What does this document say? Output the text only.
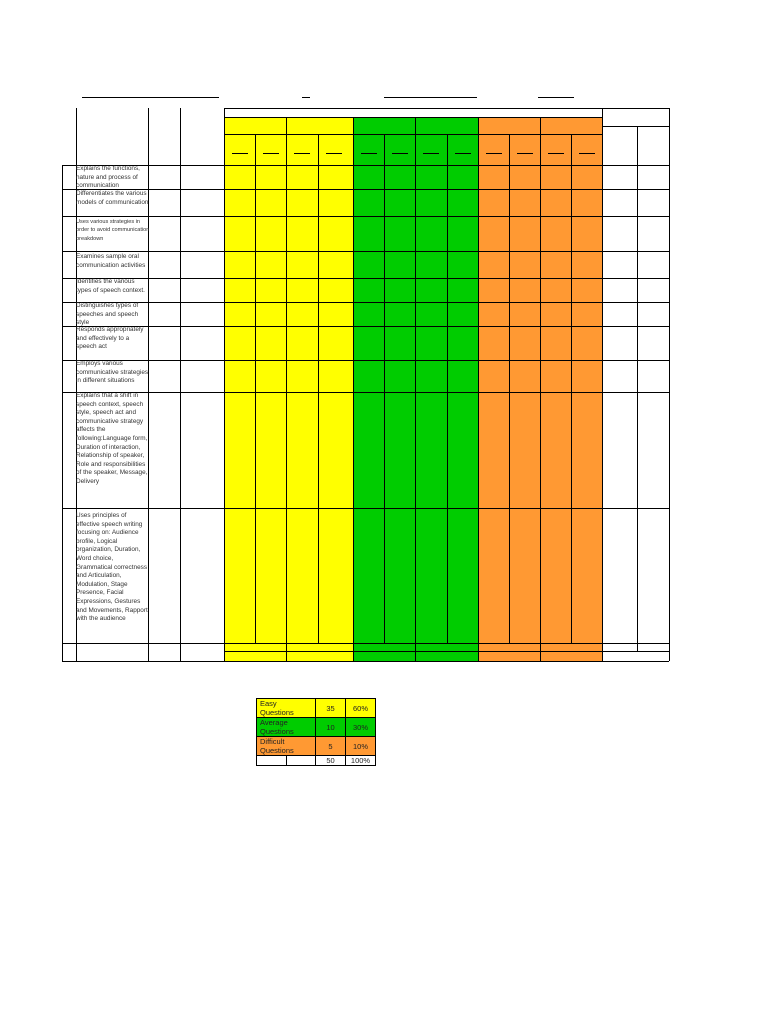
Explains the functions, nature and process of communication
Differentiates the various models of communication
Uses various strategies in order to avoid communication breakdown
Examines sample oral communication activities
Identifies the various types of speech context.
Distinguishes types of speeches and speech style
Responds appropriately and effectively to a speech act
Employs various communicative strategies in different situations
Explains that a shift in speech context, speech style, speech act and communicative strategy affects the following:Language form, Duration of interaction, Relationship of speaker, Role and responsibilities of the speaker, Message, Delivery
Uses principles of effective speech writing focusing on: Audience profile, Logical organization, Duration, Word choice, Grammatical correctness and Articulation, Modulation, Stage Presence, Facial Expressions, Gestures and Movements, Rapport with the audience
Easy Questions	35	60%
Average Questions	10	30%
Difficult Questions	5	10%

	50	100%
